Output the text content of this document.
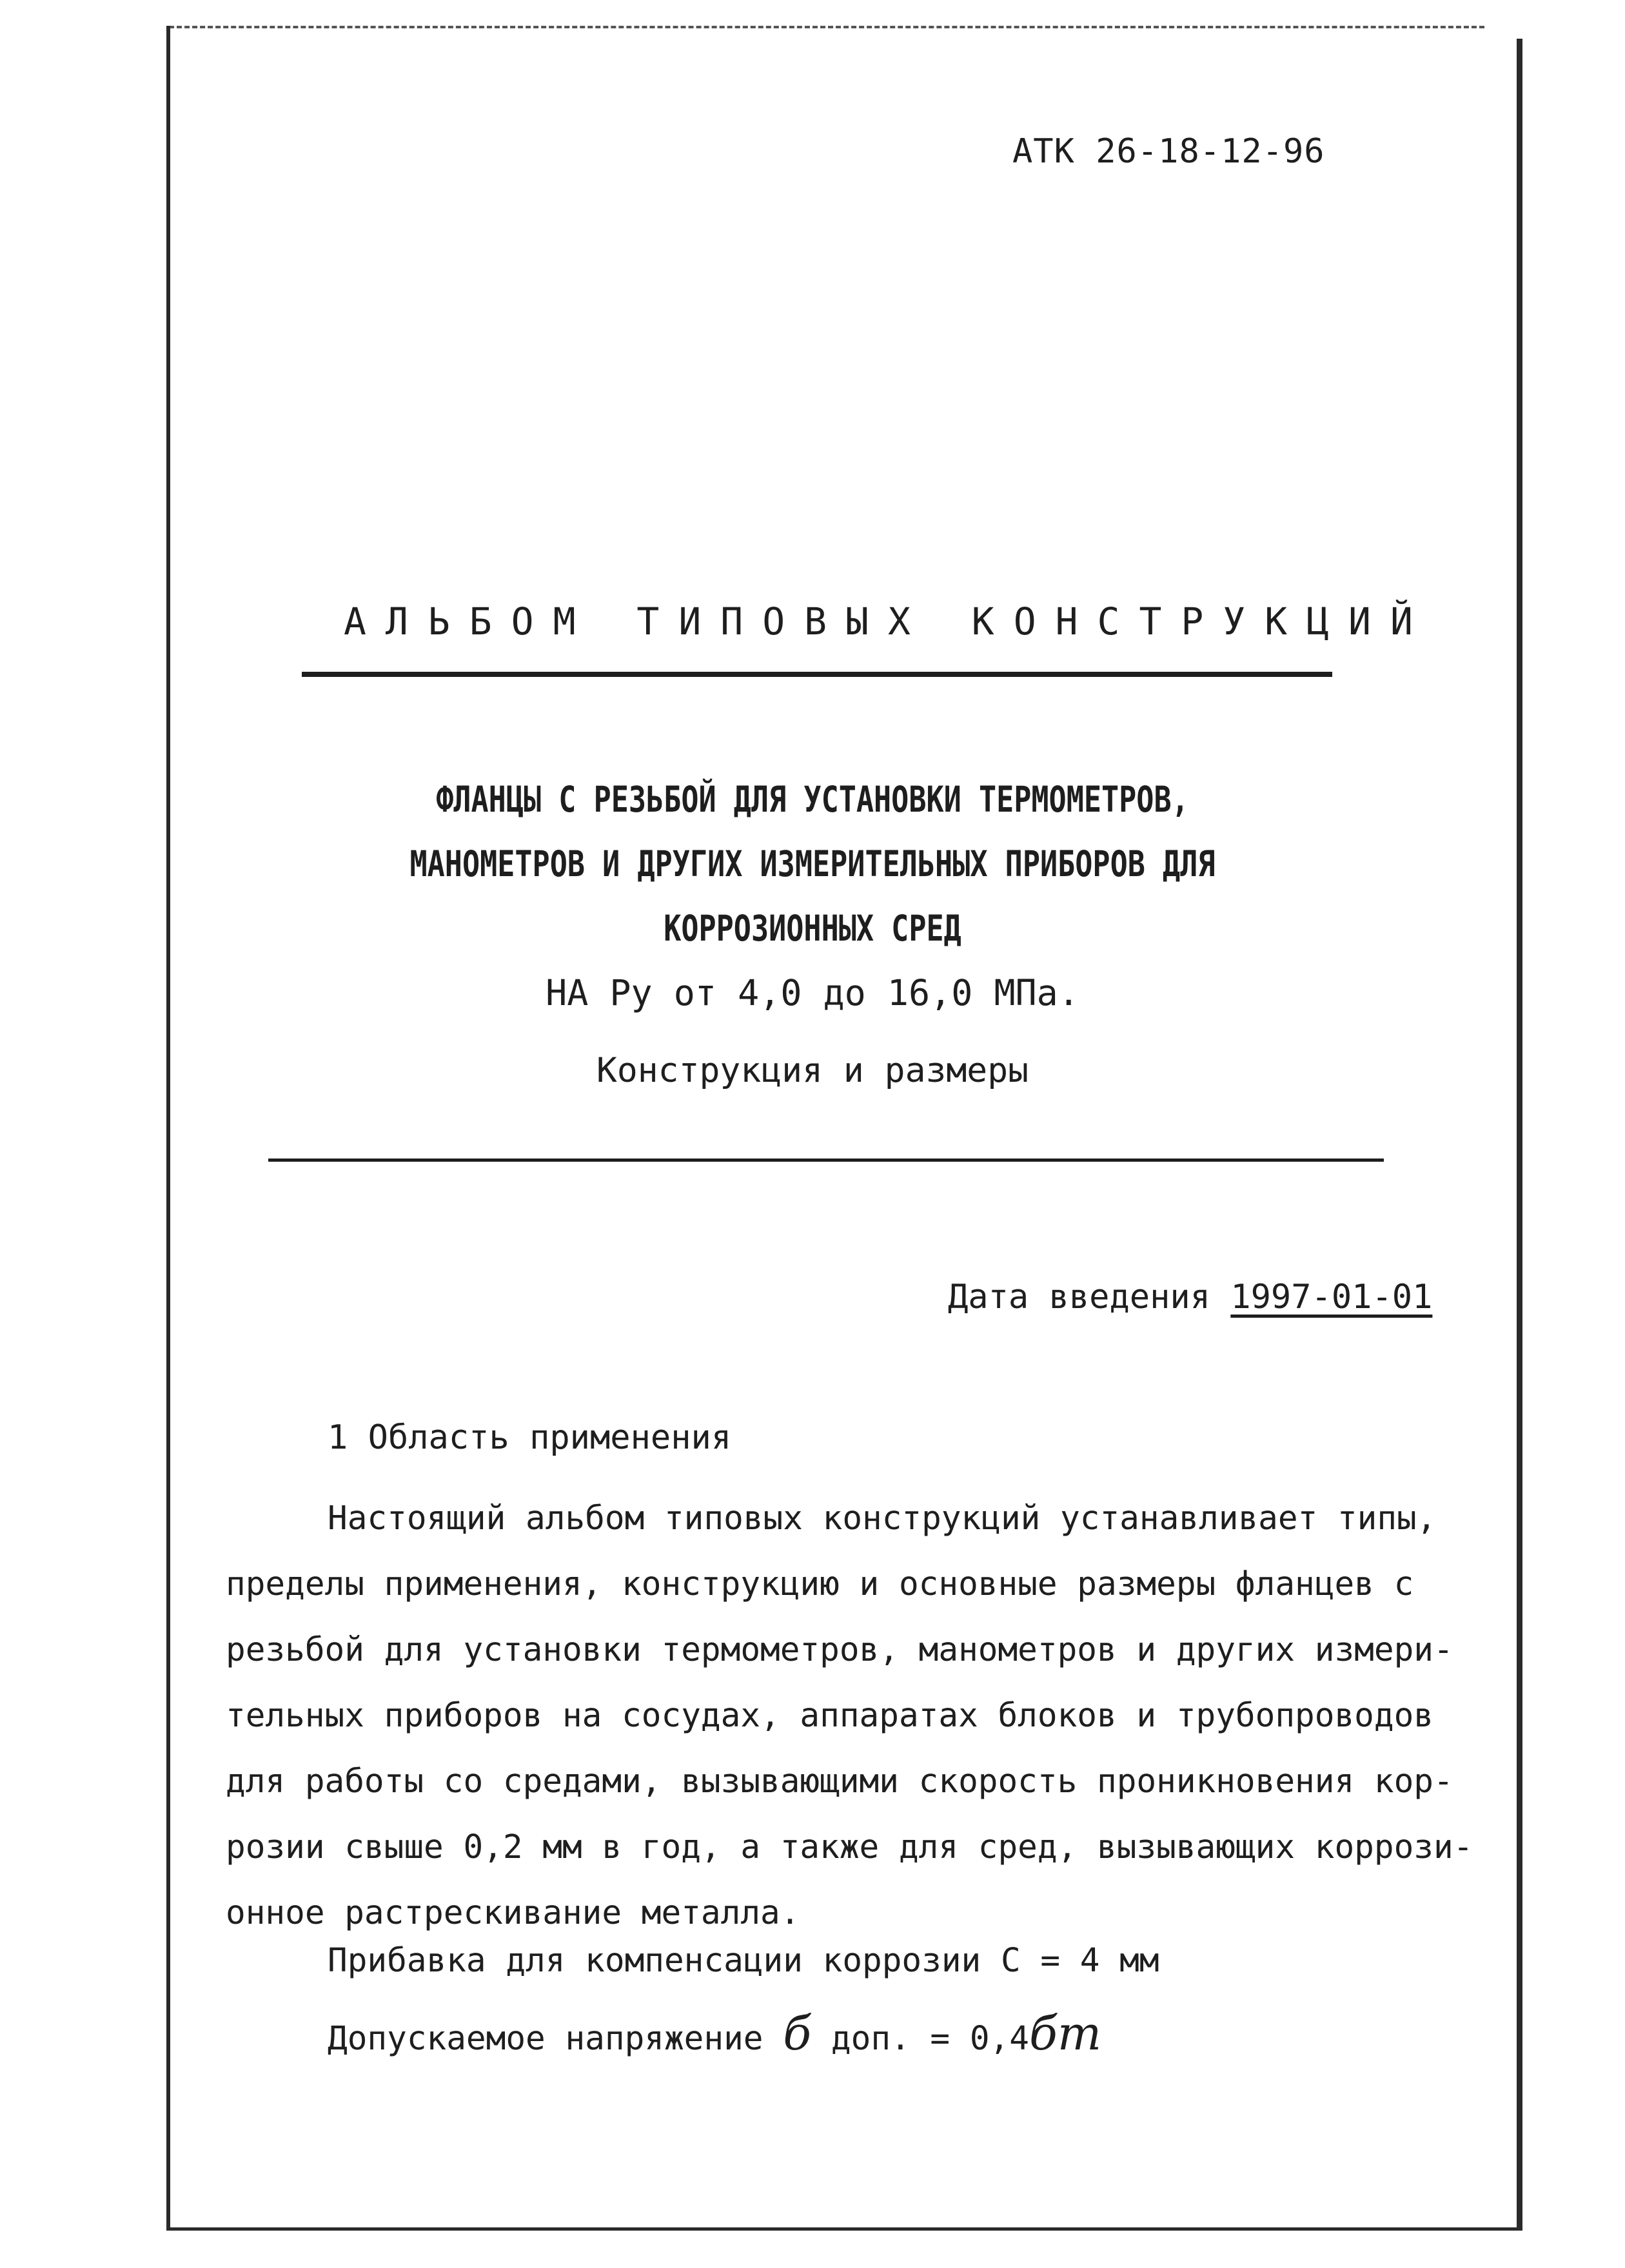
АТК 26-18-12-96
АЛЬБОМ ТИПОВЫХ КОНСТРУКЦИЙ
ФЛАНЦЫ С РЕЗЬБОЙ ДЛЯ УСТАНОВКИ ТЕРМОМЕТРОВ,
МАНОМЕТРОВ И ДРУГИХ ИЗМЕРИТЕЛЬНЫХ ПРИБОРОВ ДЛЯ
КОРРОЗИОННЫХ СРЕД
НА Ру от 4,0 до 16,0 МПа.
Конструкция и размеры
Дата введения 1997-01-01
1 Область применения
Настоящий альбом типовых конструкций устанавливает типы,
пределы применения, конструкцию и основные размеры фланцев с
резьбой для установки термометров, манометров и других измери-
тельных приборов на сосудах, аппаратах блоков и трубопроводов
для работы со средами, вызывающими скорость проникновения кор-
розии свыше 0,2 мм в год, а также для сред, вызывающих коррози-
онное растрескивание металла.
Прибавка для компенсации коррозии С = 4 мм
Допускаемое напряжение б доп. = 0,4бт
